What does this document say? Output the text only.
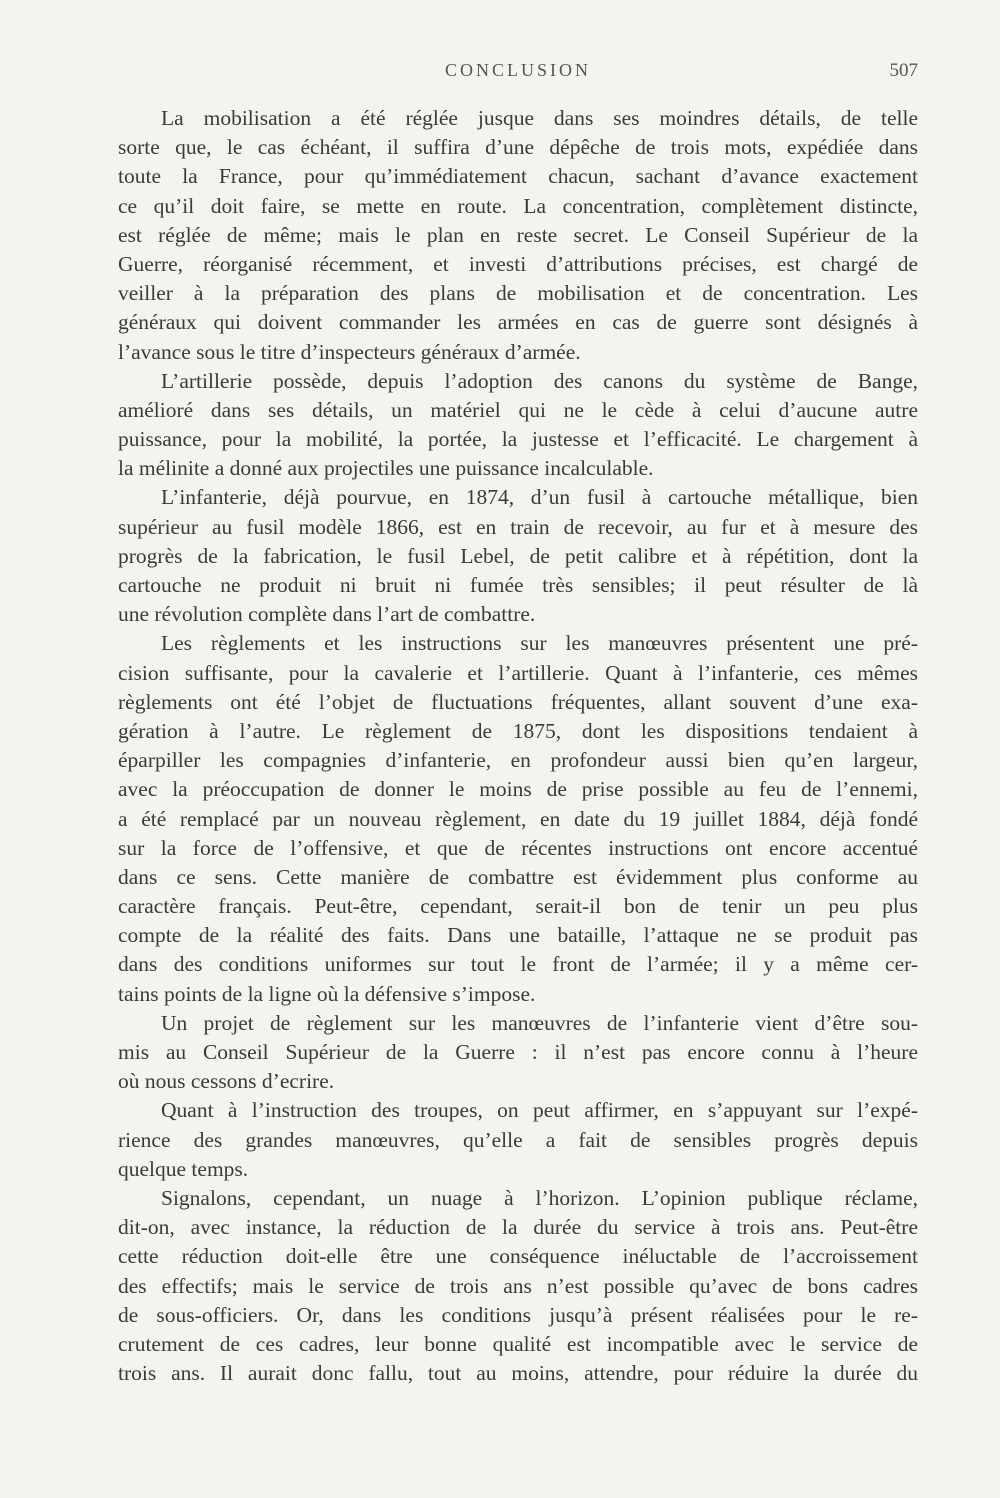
CONCLUSION	507
La mobilisation a été réglée jusque dans ses moindres détails, de telle
sorte que, le cas échéant, il suffira d’une dépêche de trois mots, expédiée dans
toute la France, pour qu’immédiatement chacun, sachant d’avance exactement
ce qu’il doit faire, se mette en route. La concentration, complètement distincte,
est réglée de même; mais le plan en reste secret. Le Conseil Supérieur de la
Guerre, réorganisé récemment, et investi d’attributions précises, est chargé de
veiller à la préparation des plans de mobilisation et de concentration. Les
généraux qui doivent commander les armées en cas de guerre sont désignés à
l’avance sous le titre d’inspecteurs généraux d’armée.
L’artillerie possède, depuis l’adoption des canons du système de Bange,
amélioré dans ses détails, un matériel qui ne le cède à celui d’aucune autre
puissance, pour la mobilité, la portée, la justesse et l’efficacité. Le chargement à
la mélinite a donné aux projectiles une puissance incalculable.
L’infanterie, déjà pourvue, en 1874, d’un fusil à cartouche métallique, bien
supérieur au fusil modèle 1866, est en train de recevoir, au fur et à mesure des
progrès de la fabrication, le fusil Lebel, de petit calibre et à répétition, dont la
cartouche ne produit ni bruit ni fumée très sensibles; il peut résulter de là
une révolution complète dans l’art de combattre.
Les règlements et les instructions sur les manœuvres présentent une pré-
cision suffisante, pour la cavalerie et l’artillerie. Quant à l’infanterie, ces mêmes
règlements ont été l’objet de fluctuations fréquentes, allant souvent d’une exa-
gération à l’autre. Le règlement de 1875, dont les dispositions tendaient à
éparpiller les compagnies d’infanterie, en profondeur aussi bien qu’en largeur,
avec la préoccupation de donner le moins de prise possible au feu de l’ennemi,
a été remplacé par un nouveau règlement, en date du 19 juillet 1884, déjà fondé
sur la force de l’offensive, et que de récentes instructions ont encore accentué
dans ce sens. Cette manière de combattre est évidemment plus conforme au
caractère français. Peut-être, cependant, serait-il bon de tenir un peu plus
compte de la réalité des faits. Dans une bataille, l’attaque ne se produit pas
dans des conditions uniformes sur tout le front de l’armée; il y a même cer-
tains points de la ligne où la défensive s’impose.
Un projet de règlement sur les manœuvres de l’infanterie vient d’être sou-
mis au Conseil Supérieur de la Guerre : il n’est pas encore connu à l’heure
où nous cessons d’ecrire.
Quant à l’instruction des troupes, on peut affirmer, en s’appuyant sur l’expé-
rience des grandes manœuvres, qu’elle a fait de sensibles progrès depuis
quelque temps.
Signalons, cependant, un nuage à l’horizon. L’opinion publique réclame,
dit-on, avec instance, la réduction de la durée du service à trois ans. Peut-être
cette réduction doit-elle être une conséquence inéluctable de l’accroissement
des effectifs; mais le service de trois ans n’est possible qu’avec de bons cadres
de sous-officiers. Or, dans les conditions jusqu’à présent réalisées pour le re-
crutement de ces cadres, leur bonne qualité est incompatible avec le service de
trois ans. Il aurait donc fallu, tout au moins, attendre, pour réduire la durée du
